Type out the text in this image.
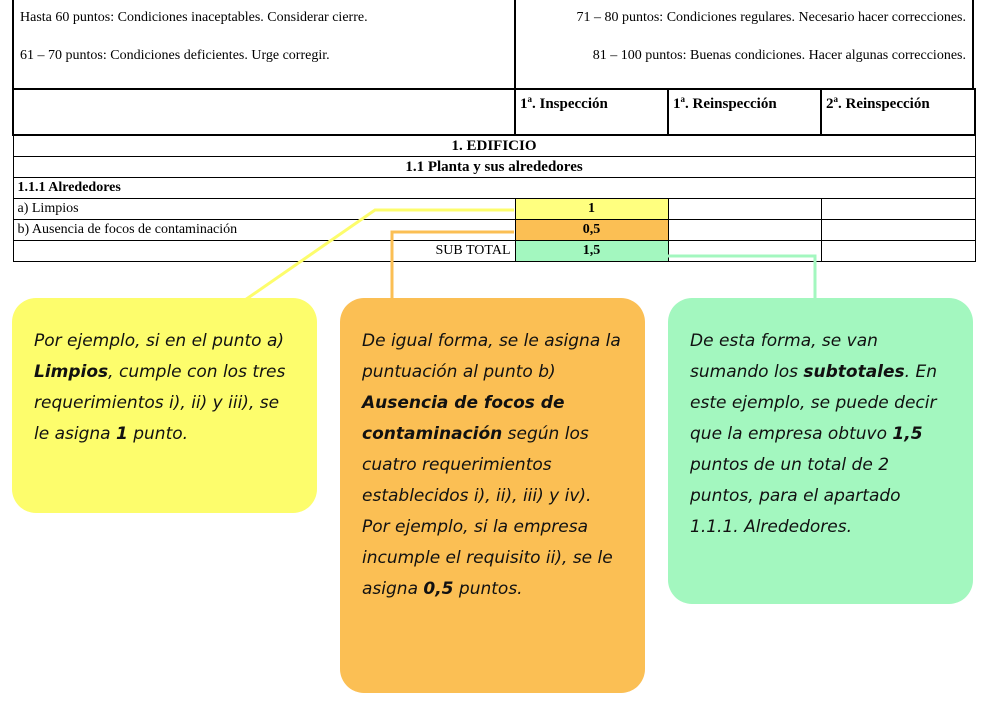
Hasta 60 puntos: Condiciones inaceptables. Considerar cierre.
61 – 70 puntos: Condiciones deficientes. Urge corregir.
71 – 80 puntos: Condiciones regulares. Necesario hacer correcciones.
81 – 100 puntos: Buenas condiciones. Hacer algunas correcciones.
	1$^a$. Inspección	1$^a$. Reinspección	2$^a$. Reinspección
1. EDIFICIO			
1.1 Planta y sus alrededores			
1.1.1 Alrededores			
a) Limpios	1		
b) Ausencia de focos de contaminación	0,5		
SUB TOTAL	1,5		
Por ejemplo, si en el punto a) Limpios, cumple con los tres requerimientos i), ii) y iii), se le asigna 1 punto.
De igual forma, se le asigna la puntuación al punto b) Ausencia de focos de contaminación según los cuatro requerimientos establecidos i), ii), iii) y iv). Por ejemplo, si la empresa incumple el requisito ii), se le asigna 0,5 puntos.
De esta forma, se van sumando los subtotales. En este ejemplo, se puede decir que la empresa obtuvo 1,5 puntos de un total de 2 puntos, para el apartado 1.1.1. Alrededores.
